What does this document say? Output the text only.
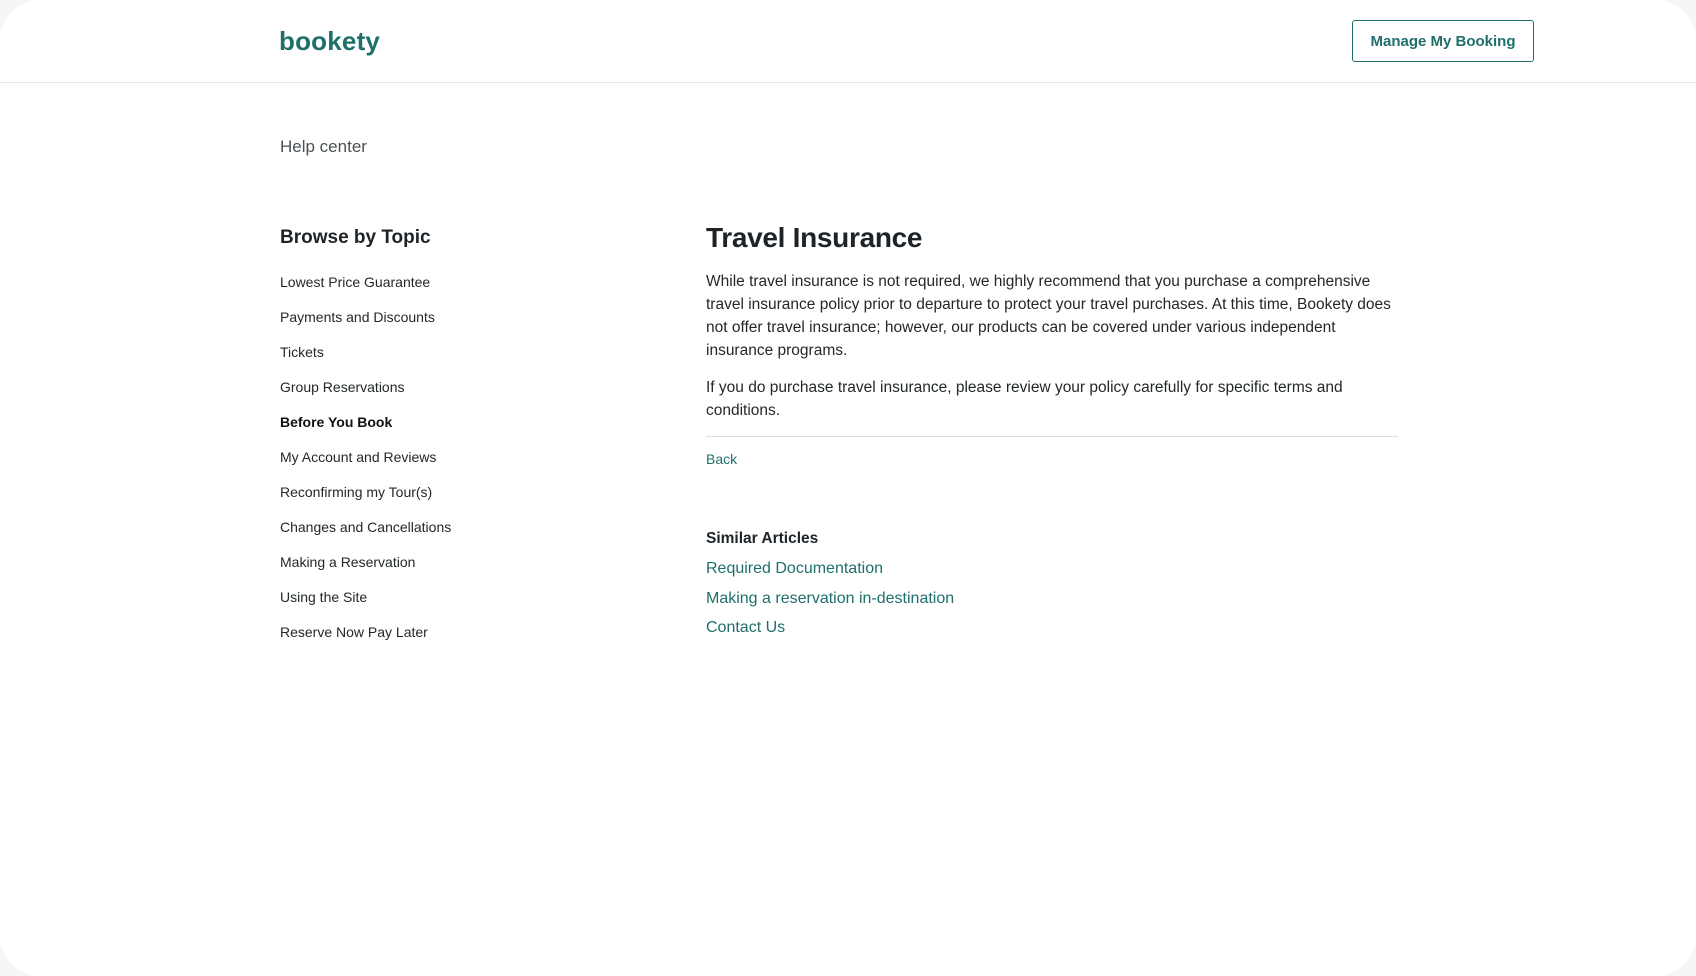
bookety	Manage My Booking
Help center
Browse by Topic
Lowest Price Guarantee
Payments and Discounts
Tickets
Group Reservations
Before You Book
My Account and Reviews
Reconfirming my Tour(s)
Changes and Cancellations
Making a Reservation
Using the Site
Reserve Now Pay Later
Travel Insurance

While travel insurance is not required, we highly recommend that you purchase a comprehensive travel insurance policy prior to departure to protect your travel purchases. At this time, Bookety does not offer travel insurance; however, our products can be covered under various independent insurance programs.

If you do purchase travel insurance, please review your policy carefully for specific terms and conditions.

Back
Similar Articles
Required Documentation
Making a reservation in-destination
Contact Us
